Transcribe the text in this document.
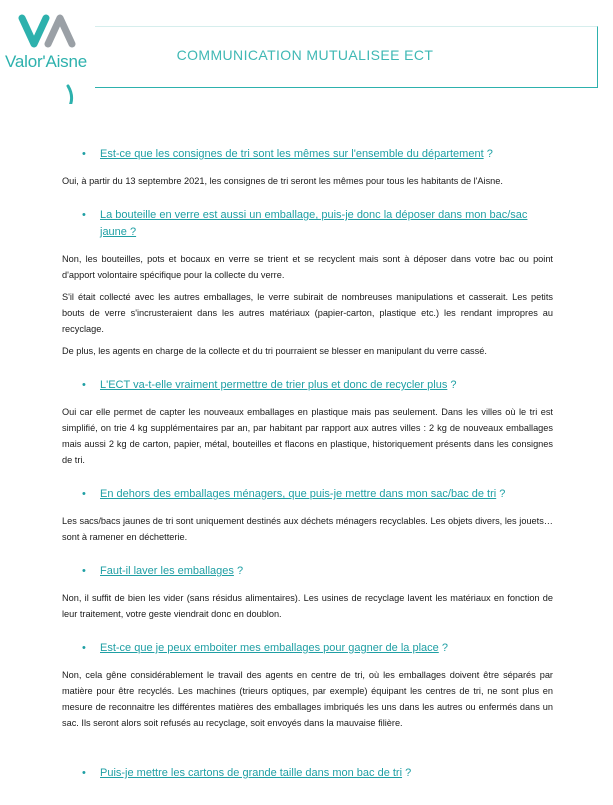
Valor'Aisne	COMMUNICATION MUTUALISEE ECT
• Est-ce que les consignes de tri sont les mêmes sur l'ensemble du département ?
Oui, à partir du 13 septembre 2021, les consignes de tri seront les mêmes pour tous les habitants de l'Aisne.
• La bouteille en verre est aussi un emballage, puis-je donc la déposer dans mon bac/sac jaune ?
Non, les bouteilles, pots et bocaux en verre se trient et se recyclent mais sont à déposer dans votre bac ou point d'apport volontaire spécifique pour la collecte du verre.
S'il était collecté avec les autres emballages, le verre subirait de nombreuses manipulations et casserait. Les petits bouts de verre s'incrusteraient dans les autres matériaux (papier-carton, plastique etc.) les rendant impropres au recyclage.
De plus, les agents en charge de la collecte et du tri pourraient se blesser en manipulant du verre cassé.
• L'ECT va-t-elle vraiment permettre de trier plus et donc de recycler plus ?
Oui car elle permet de capter les nouveaux emballages en plastique mais pas seulement. Dans les villes où le tri est simplifié, on trie 4 kg supplémentaires par an, par habitant par rapport aux autres villes : 2 kg de nouveaux emballages mais aussi 2 kg de carton, papier, métal, bouteilles et flacons en plastique, historiquement présents dans les consignes de tri.
• En dehors des emballages ménagers, que puis-je mettre dans mon sac/bac de tri ?
Les sacs/bacs jaunes de tri sont uniquement destinés aux déchets ménagers recyclables. Les objets divers, les jouets… sont à ramener en déchetterie.
• Faut-il laver les emballages ?
Non, il suffit de bien les vider (sans résidus alimentaires). Les usines de recyclage lavent les matériaux en fonction de leur traitement, votre geste viendrait donc en doublon.
• Est-ce que je peux emboiter mes emballages pour gagner de la place ?
Non, cela gêne considérablement le travail des agents en centre de tri, où les emballages doivent être séparés par matière pour être recyclés. Les machines (trieurs optiques, par exemple) équipant les centres de tri, ne sont plus en mesure de reconnaitre les différentes matières des emballages imbriqués les uns dans les autres ou enfermés dans un sac. Ils seront alors soit refusés au recyclage, soit envoyés dans la mauvaise filière.
• Puis-je mettre les cartons de grande taille dans mon bac de tri ?
